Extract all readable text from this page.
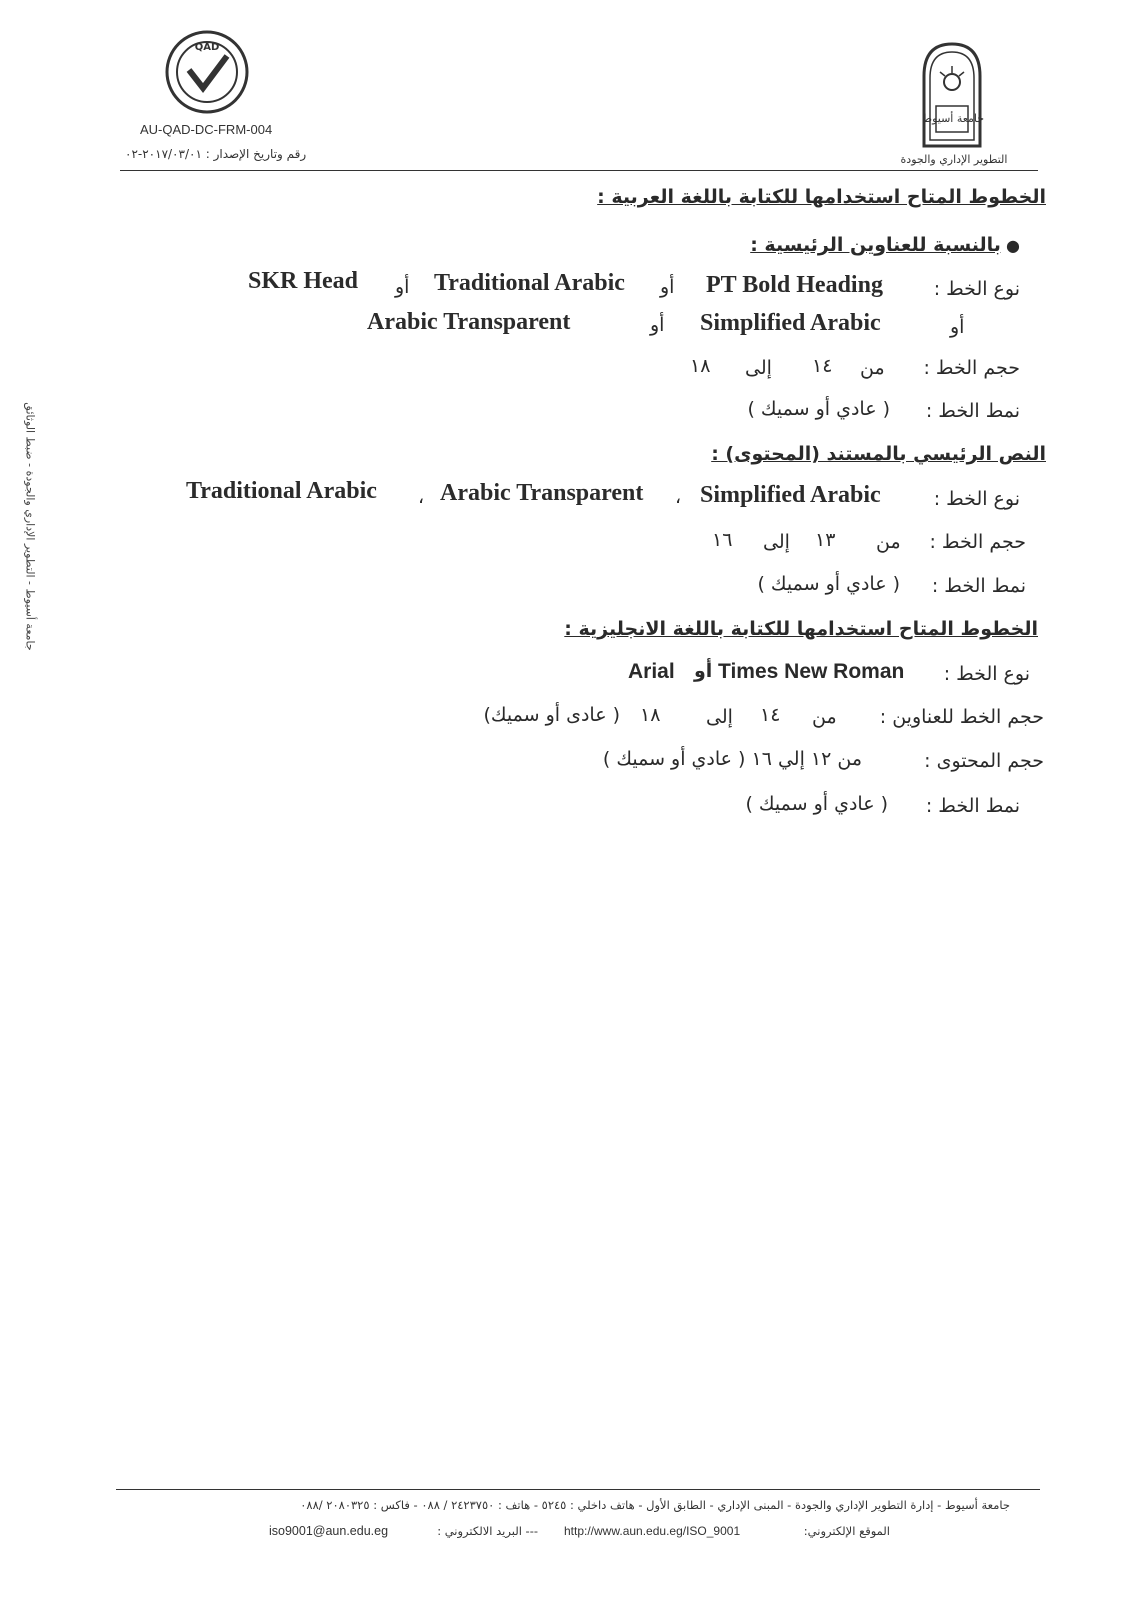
QAD
AU-QAD-DC-FRM-004
رقم وتاريخ الإصدار : ٢٠١٧/٠٣/٠١-٠٢
جامعة أسيوط
التطوير الإداري والجودة
جامعة أسيوط - التطوير الإداري والجودة - ضبط الوثائق
الخطوط المتاح استخدامها للكتابة باللغة العربية :
● بالنسبة للعناوين الرئيسية :
نوع الخط :
PT Bold Heading
أو
Traditional Arabic
أو
SKR Head
أو
Simplified Arabic
أو
Arabic Transparent
حجم الخط :
من
١٤
إلى
١٨
نمط الخط :
( عادي أو سميك )
النص الرئيسي بالمستند (المحتوى) :
نوع الخط :
Simplified Arabic
،
Arabic Transparent
،
Traditional Arabic
حجم الخط :
من
١٣
إلى
١٦
نمط الخط :
( عادي أو سميك )
الخطوط المتاح استخدامها للكتابة باللغة الانجليزية :
نوع الخط :
Times New Roman
أو
Arial
حجم الخط للعناوين :
من
١٤
إلى
١٨
( عادى أو سميك)
حجم المحتوى :
من ١٢ إلي ١٦ ( عادي أو سميك )
نمط الخط :
( عادي أو سميك )
جامعة أسيوط - إدارة التطوير الإداري والجودة - المبنى الإداري - الطابق الأول - هاتف داخلي : ٥٢٤٥ - هاتف : ٢٤٢٣٧٥٠ / ٠٨٨ - فاكس : ٢٠٨٠٣٢٥ /٠٨٨
الموقع الإلكتروني:
http://www.aun.edu.eg/ISO_9001
--- البريد الالكتروني :
iso9001@aun.edu.eg
